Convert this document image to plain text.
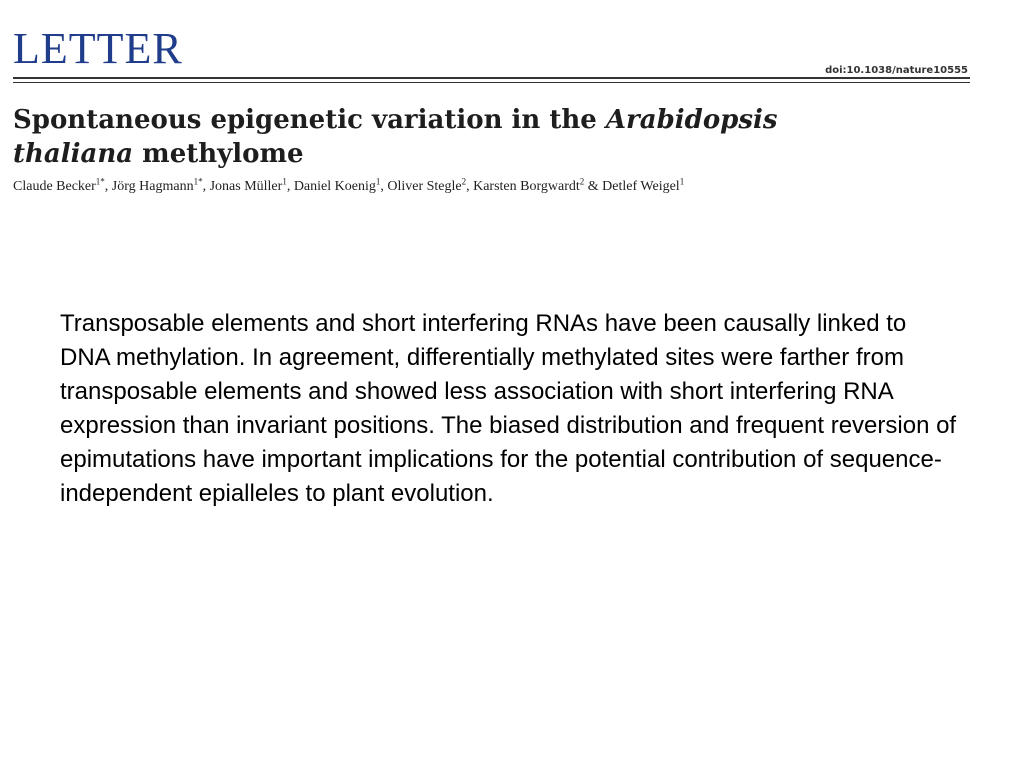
LETTER	doi:10.1038/nature10555
Spontaneous epigenetic variation in the Arabidopsis
thaliana methylome
Claude Becker$^{1*}$, Jörg Hagmann$^{1*}$, Jonas Müller$^1$, Daniel Koenig$^1$, Oliver Stegle$^2$, Karsten Borgwardt$^2$ & Detlef Weigel$^1$

Transposable elements and short interfering RNAs have been causally linked to DNA methylation. In agreement, differentially methylated sites were farther from transposable elements and showed less association with short interfering RNA expression than invariant positions. The biased distribution and frequent reversion of epimutations have important implications for the potential contribution of sequence-independent epialleles to plant evolution.
